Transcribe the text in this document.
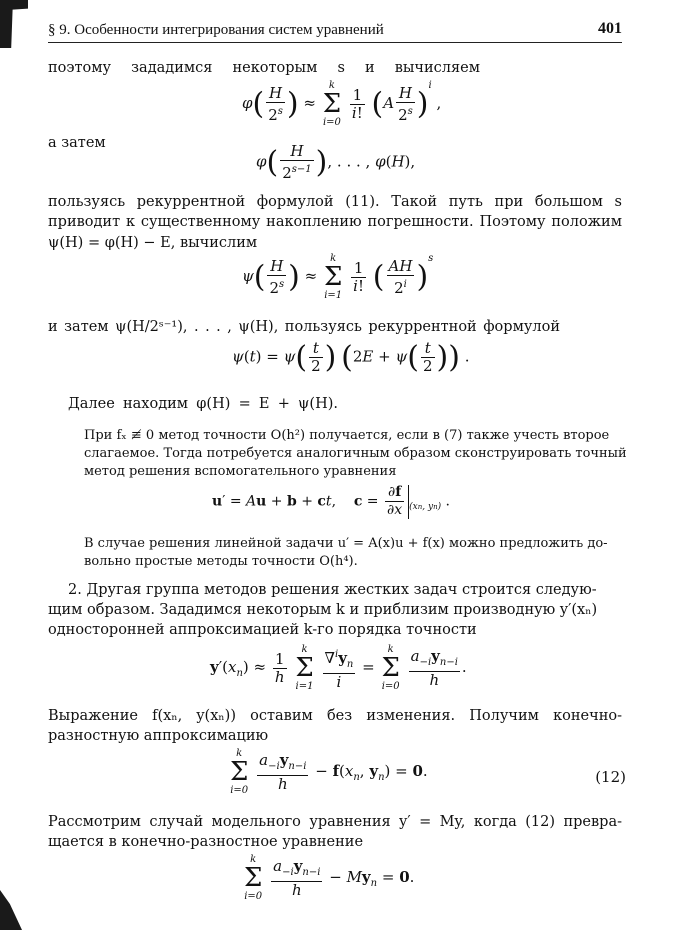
§ 9. Особенности интегрирования систем уравнений	401
поэтому зададимся некоторым s и вычисляем
$\varphi( \frac{H}{2^s}$ ) ≈
k
Σ
i=0

$\frac{1}{i!} (A \frac{H}{2^s} )^i$ ,
а затем
$\varphi( \frac{H}{2^{s-1}}$ ), . . . , φ(H),
пользуясь рекуррентной формулой (11). Такой путь при большом s
приводит к существенному накоплению погрешности. Поэтому положим
ψ(H) = φ(H) − E, вычислим
$\psi( \frac{H}{2^s}$ ) ≈
k
Σ
i=1

$\frac{1}{i!}$ ( $\frac{AH}{2^i} )^s$
и затем ψ(H/2ˢ⁻¹), . . . , ψ(H), пользуясь рекуррентной формулой
$\psi(t) = \psi( \frac{t}{2}$ ) ($2E + \psi( \frac{t}{2}$ )) .
Далее находим φ(H) = E + ψ(H).
При fₓ ≢ 0 метод точности O(h²) получается, если в (7) также учесть второе
слагаемое. Тогда потребуется аналогичным образом сконструировать точный
метод решения вспомогательного уравнения
u′ = Au + b + ct,    $c = \frac{\partial f}{\partial x} _{(xn, yn)}$ .
В случае решения линейной задачи u′ = A(x)u + f(x) можно предложить до-
вольно простые методы точности O(h⁴).
2. Другая группа методов решения жестких задач строится следую-
щим образом. Зададимся некоторым k и приблизим производную y′(xₙ)
односторонней аппроксимацией k-го порядка точности
$y'(x_n) \approx \frac{1}{h}$

k
Σ
i=1
$\frac{\nabla^iy_n}{i}$ =
k
Σ
i=0
$\frac{a_{-i}y_{n-i}}{h}$ .
Выражение f(xₙ, y(xₙ)) оставим без изменения. Получим конечно-
разностную аппроксимацию
k
Σ
i=0
$\frac{a_{-i}y_{n-i}}{h} - f(x_n$, $y_n) = 0$.	(12)
Рассмотрим случай модельного уравнения y′ = My, когда (12) превра-
щается в конечно-разностное уравнение
k
Σ
i=0
$\frac{a_{-i}y_{n-i}}{h} - My_n = 0$.
